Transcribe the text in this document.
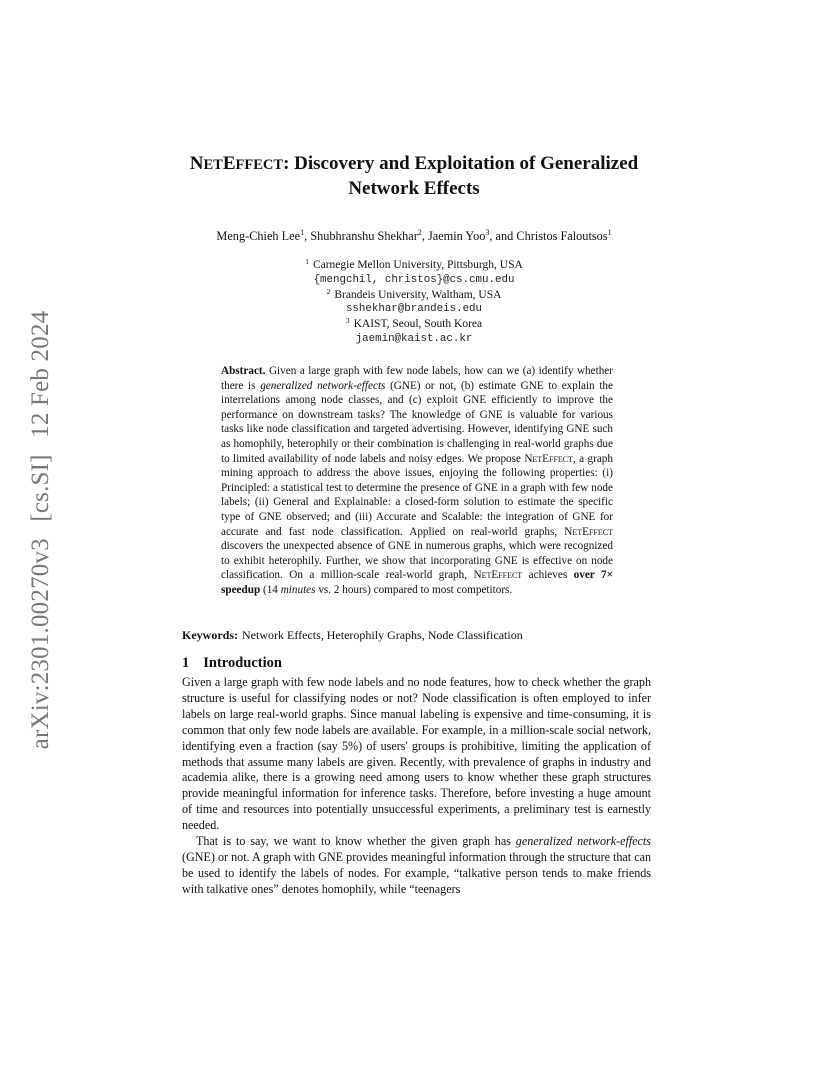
arXiv:2301.00270v3 [cs.SI] 12 Feb 2024
NETEFFECT: Discovery and Exploitation of Generalized
Network Effects
Meng-Chieh Lee$^1$, Shubhranshu Shekhar$^2$, Jaemin Yoo$^3$, and Christos Faloutsos$^1$
$^1$ Carnegie Mellon University, Pittsburgh, USA
{mengchil, christos}@cs.cmu.edu
$^2$ Brandeis University, Waltham, USA
sshekhar@brandeis.edu
$^3$ KAIST, Seoul, South Korea
jaemin@kaist.ac.kr
Abstract. Given a large graph with few node labels, how can we (a) identify whether there is generalized network-effects (GNE) or not, (b) estimate GNE to explain the interrelations among node classes, and (c) exploit GNE efficiently to improve the performance on downstream tasks? The knowledge of GNE is valuable for various tasks like node classification and targeted advertising. However, identifying GNE such as homophily, heterophily or their combination is challenging in real-world graphs due to limited availability of node labels and noisy edges. We propose NetEffect, a graph mining approach to address the above issues, enjoying the following properties: (i) Principled: a statistical test to determine the presence of GNE in a graph with few node labels; (ii) General and Explainable: a closed-form solution to estimate the specific type of GNE observed; and (iii) Accurate and Scalable: the integration of GNE for accurate and fast node classification. Applied on real-world graphs, NetEffect discovers the unexpected absence of GNE in numerous graphs, which were recognized to exhibit heterophily. Further, we show that incorporating GNE is effective on node classification. On a million-scale real-world graph, NetEffect achieves over 7× speedup (14 minutes vs. 2 hours) compared to most competitors.
Keywords: Network Effects, Heterophily Graphs, Node Classification
1 Introduction

Given a large graph with few node labels and no node features, how to check whether the graph structure is useful for classifying nodes or not? Node classification is often employed to infer labels on large real-world graphs. Since manual labeling is expensive and time-consuming, it is common that only few node labels are available. For example, in a million-scale social network, identifying even a fraction (say 5%) of users' groups is prohibitive, limiting the application of methods that assume many labels are given. Recently, with prevalence of graphs in industry and academia alike, there is a growing need among users to know whether these graph structures provide meaningful information for inference tasks. Therefore, before investing a huge amount of time and resources into potentially unsuccessful experiments, a preliminary test is earnestly needed.

That is to say, we want to know whether the given graph has generalized network-effects (GNE) or not. A graph with GNE provides meaningful information through the structure that can be used to identify the labels of nodes. For example, “talkative person tends to make friends with talkative ones” denotes homophily, while “teenagers
